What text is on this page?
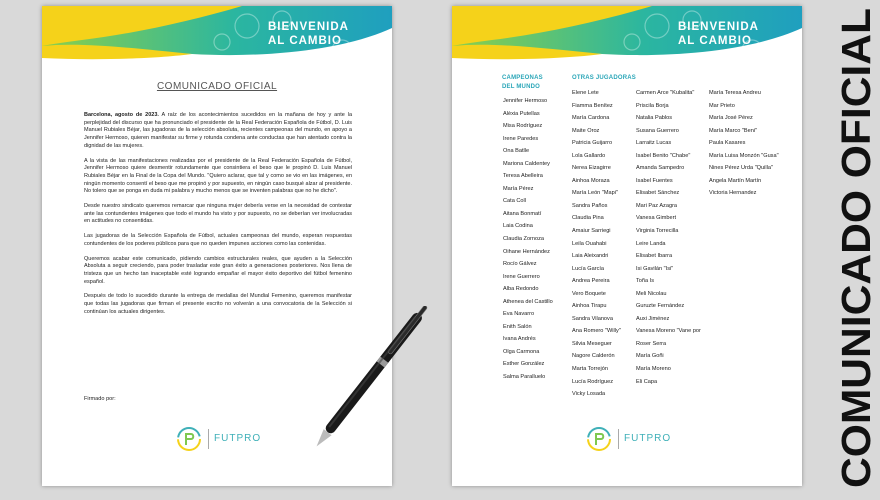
BIENVENIDA
AL CAMBIO
COMUNICADO OFICIAL

Barcelona, agosto de 2023. A raíz de los acontecimientos sucedidos en la mañana de hoy y ante la perplejidad del discurso que ha pronunciado el presidente de la Real Federación Española de Fútbol, D. Luis Manuel Rubiales Béjar, las jugadoras de la selección absoluta, recientes campeonas del mundo, en apoyo a Jennifer Hermoso, quieren manifestar su firme y rotunda condena ante conductas que han atentado contra la dignidad de las mujeres.

A la vista de las manifestaciones realizadas por el presidente de la Real Federación Española de Fútbol, Jennifer Hermoso quiere desmentir rotundamente que consintiera el beso que le propinó D. Luis Manuel Rubiales Béjar en la Final de la Copa del Mundo. "Quiero aclarar, que tal y como se vio en las imágenes, en ningún momento consentí el beso que me propinó y por supuesto, en ningún caso busqué alzar al presidente. No tolero que se ponga en duda mi palabra y mucho menos que se inventen palabras que no he dicho".

Desde nuestro sindicato queremos remarcar que ninguna mujer debería verse en la necesidad de contestar ante las contundentes imágenes que todo el mundo ha visto y por supuesto, no se deberían ver involucradas en actitudes no consentidas.

Las jugadoras de la Selección Española de Fútbol, actuales campeonas del mundo, esperan respuestas contundentes de los poderes públicos para que no queden impunes acciones como las contenidas.

Queremos acabar este comunicado, pidiendo cambios estructurales reales, que ayuden a la Selección Absoluta a seguir creciendo, para poder trasladar este gran éxito a generaciones posteriores. Nos llena de tristeza que un hecho tan inaceptable esté logrando empañar el mayor éxito deportivo del fútbol femenino español.

Después de todo lo sucedido durante la entrega de medallas del Mundial Femenino, queremos manifestar que todas las jugadoras que firman el presente escrito no volverán a una convocatoria de la Selección si continúan los actuales dirigentes.

Firmado por:
FUTPRO
BIENVENIDA
AL CAMBIO
CAMPEONAS
DEL MUNDO
OTRAS JUGADORAS
Jennifer Hermoso
Alèxia Putellas
Misa Rodríguez
Irene Paredes
Ona Batlle
Mariona Caldentey
Teresa Abelleira
María Pérez
Cata Coll
Aitana Bonmatí
Laia Codina
Claudia Zornoza
Oihane Hernández
Rocío Gálvez
Irene Guerrero
Alba Redondo
Athenea del Castillo
Eva Navarro
Enith Salón
Ivana Andrés
Olga Carmona
Esther González
Salma Paralluelo
Elene Lete
Fiamma Benítez
María Cardona
Maite Oroz
Patricia Guijarro
Lola Gallardo
Nerea Eizagirre
Ainhoa Moraza
María León "Mapi"
Sandra Paños
Claudia Pina
Amaiur Sarriegi
Leila Ouahabi
Laia Aleixandri
Lucía García
Andrea Pereira
Vero Boquete
Ainhoa Tirapu
Sandra Vilanova
Ana Romero "Willy"
Silvia Meseguer
Nagore Calderón
Marta Torrejón
Lucía Rodríguez
Vicky Losada
Carmen Arce "Kubalita"
Priscila Borja
Natalia Pablos
Susana Guerrero
Larraitz Lucas
Isabel Benito "Chabe"
Amanda Sampedro
Isabel Fuentes
Elisabet Sánchez
Mari Paz Azagra
Vanesa Gimbert
Virginia Torrecilla
Leire Landa
Elisabet Ibarra
Isi Gavilán "Isi"
Toña Is
Meli Nicolau
Guruzte Fernández
Auxi Jiménez
Vanesa Moreno "Vane por
Roser Serra
María Goñi
María Moreno
Eli Capa
María Teresa Andreu
Mar Prieto
María José Pérez
María Marco "Beni"
Paula Kasares
María Luisa Monzón "Gusa"
Nines Pérez Urda "Quilla"
Angela Martín Martín
Victoria Hernandez
FUTPRO	COMUNICADO OFICIAL
